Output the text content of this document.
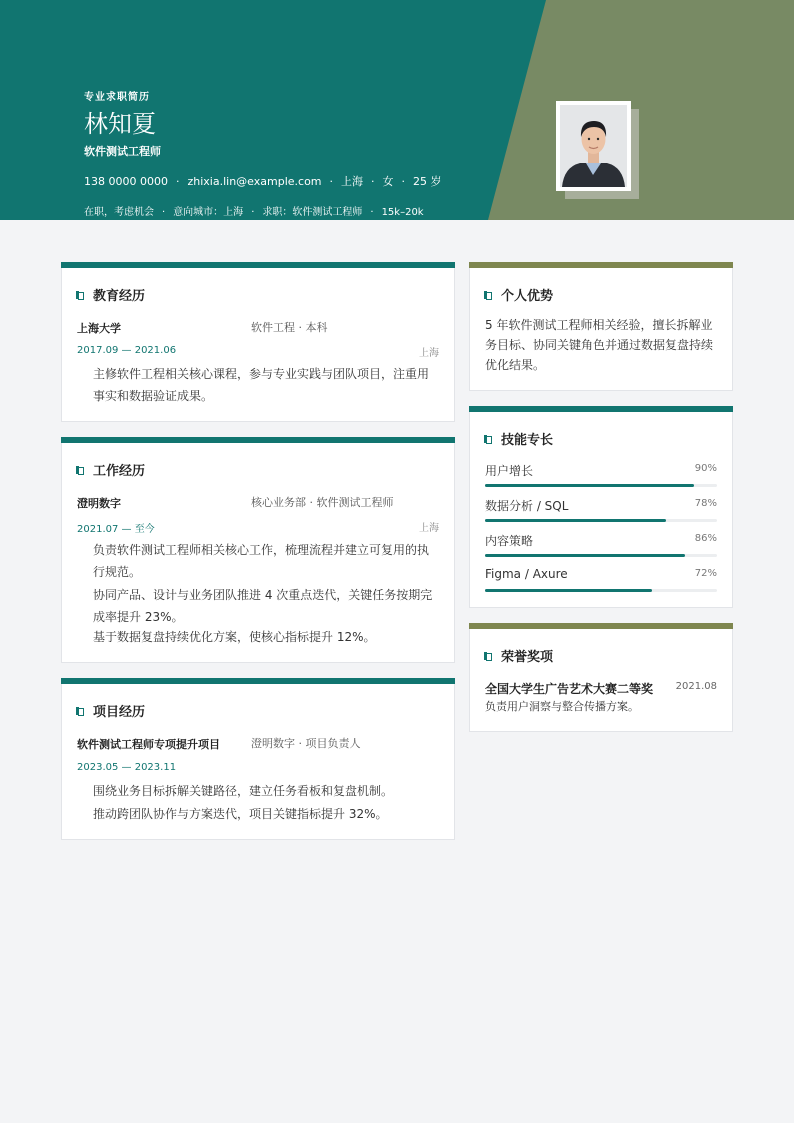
专业求职简历
林知夏
软件测试工程师
138 0000 0000 · zhixia.lin@example.com · 上海 · 女 · 25 岁
在职，考虑机会 · 意向城市：上海 · 求职：软件测试工程师 · 15k–20k
教育经历
上海大学	软件工程 · 本科
2017.09 — 2021.06	上海
主修软件工程相关核心课程，参与专业实践与团队项目，注重用事实和数据验证成果。
工作经历
澄明数字	核心业务部 · 软件测试工程师
2021.07 — 至今	上海
负责软件测试工程师相关核心工作，梳理流程并建立可复用的执行规范。
协同产品、设计与业务团队推进 4 次重点迭代，关键任务按期完成率提升 23%。
基于数据复盘持续优化方案，使核心指标提升 12%。
项目经历
软件测试工程师专项提升项目	澄明数字 · 项目负责人
2023.05 — 2023.11
围绕业务目标拆解关键路径，建立任务看板和复盘机制。
推动跨团队协作与方案迭代，项目关键指标提升 32%。
个人优势
5 年软件测试工程师相关经验，擅长拆解业务目标、协同关键角色并通过数据复盘持续优化结果。
技能专长
用户增长	90%
数据分析 / SQL	78%
内容策略	86%
Figma / Axure	72%
荣誉奖项
全国大学生广告艺术大赛二等奖 2021.08
负责用户洞察与整合传播方案。
